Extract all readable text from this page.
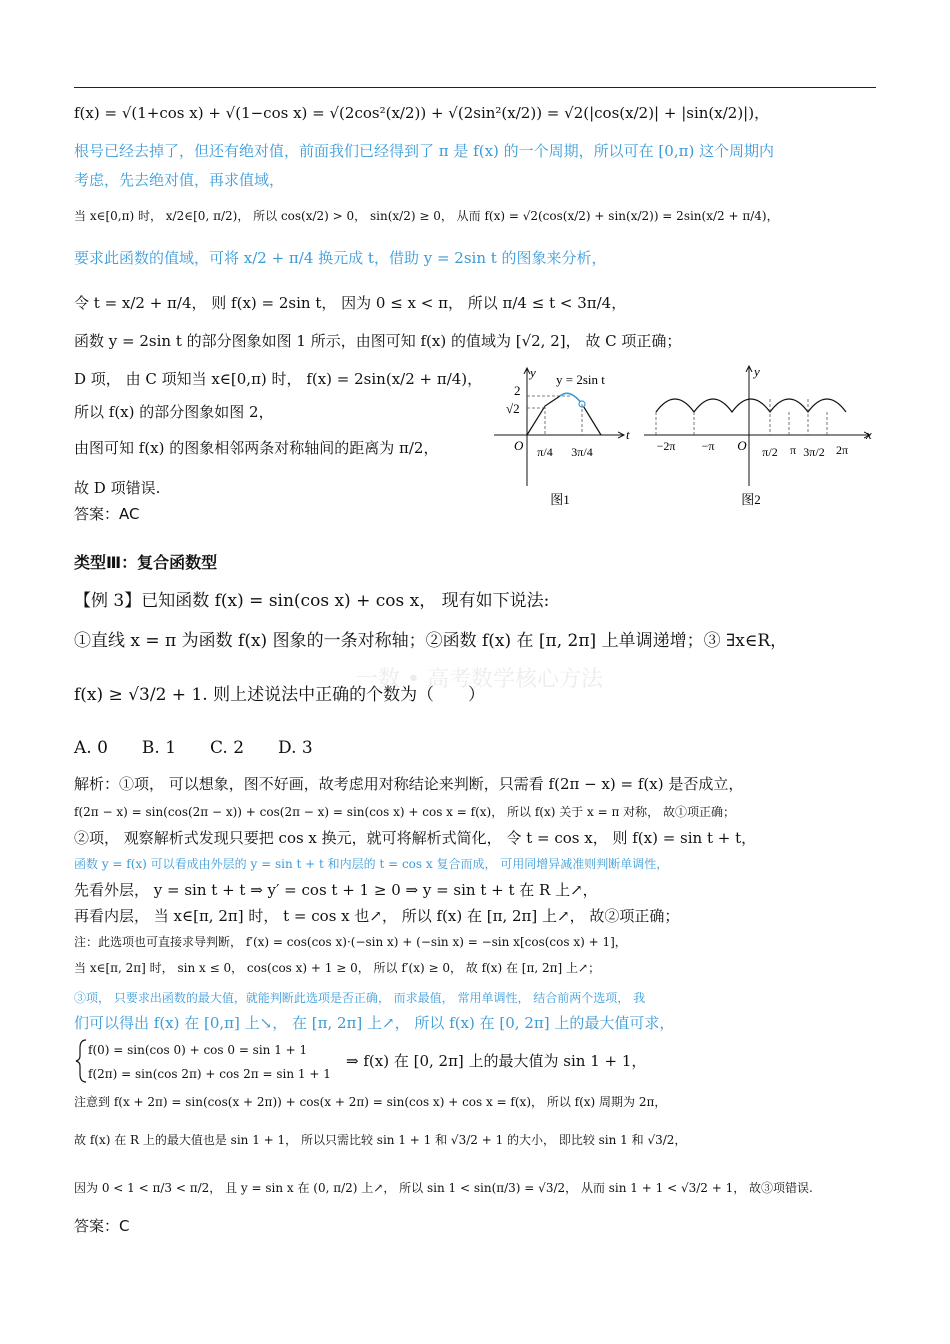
一数 • 高考数学核心方法
f(x) = √(1+cos x) + √(1−cos x) = √(2cos²(x/2)) + √(2sin²(x/2)) = √2(|cos(x/2)| + |sin(x/2)|)，
根号已经去掉了，但还有绝对值，前面我们已经得到了 π 是 f(x) 的一个周期，所以可在 [0,π) 这个周期内
考虑，先去绝对值，再求值域，
当 x∈[0,π) 时， x/2∈[0, π/2)， 所以 cos(x/2) > 0， sin(x/2) ≥ 0， 从而 f(x) = √2(cos(x/2) + sin(x/2)) = 2sin(x/2 + π/4)，
要求此函数的值域，可将 x/2 + π/4 换元成 t，借助 y = 2sin t 的图象来分析，
令 t = x/2 + π/4， 则 f(x) = 2sin t， 因为 0 ≤ x < π， 所以 π/4 ≤ t < 3π/4，
函数 y = 2sin t 的部分图象如图 1 所示，由图可知 f(x) 的值域为 [√2, 2]， 故 C 项正确；
D 项， 由 C 项知当 x∈[0,π) 时， f(x) = 2sin(x/2 + π/4)，
所以 f(x) 的部分图象如图 2，
由图可知 f(x) 的图象相邻两条对称轴间的距离为 π/2，
故 D 项错误.
答案：AC
类型Ⅲ：复合函数型
【例 3】已知函数 f(x) = sin(cos x) + cos x， 现有如下说法:
①直线 x = π 为函数 f(x) 图象的一条对称轴；②函数 f(x) 在 [π, 2π] 上单调递增；③ ∃x∈R，
f(x) ≥ √3/2 + 1. 则上述说法中正确的个数为（　　）
A. 0　　B. 1　　C. 2　　D. 3
解析：①项， 可以想象，图不好画，故考虑用对称结论来判断，只需看 f(2π − x) = f(x) 是否成立，
f(2π − x) = sin(cos(2π − x)) + cos(2π − x) = sin(cos x) + cos x = f(x)， 所以 f(x) 关于 x = π 对称， 故①项正确；
②项， 观察解析式发现只要把 cos x 换元，就可将解析式简化， 令 t = cos x， 则 f(x) = sin t + t，
函数 y = f(x) 可以看成由外层的 y = sin t + t 和内层的 t = cos x 复合而成， 可用同增异减准则判断单调性，
先看外层， y = sin t + t ⇒ y′ = cos t + 1 ≥ 0 ⇒ y = sin t + t 在 R 上↗，
再看内层， 当 x∈[π, 2π] 时， t = cos x 也↗， 所以 f(x) 在 [π, 2π] 上↗， 故②项正确；
注：此选项也可直接求导判断， f′(x) = cos(cos x)·(−sin x) + (−sin x) = −sin x[cos(cos x) + 1]，
当 x∈[π, 2π] 时， sin x ≤ 0， cos(cos x) + 1 ≥ 0， 所以 f′(x) ≥ 0， 故 f(x) 在 [π, 2π] 上↗；
③项， 只要求出函数的最大值，就能判断此选项是否正确， 而求最值， 常用单调性， 结合前两个选项， 我
们可以得出 f(x) 在 [0,π] 上↘， 在 [π, 2π] 上↗， 所以 f(x) 在 [0, 2π] 上的最大值可求，
f(0) = sin(cos 0) + cos 0 = sin 1 + 1
f(2π) = sin(cos 2π) + cos 2π = sin 1 + 1
⇒ f(x) 在 [0, 2π] 上的最大值为 sin 1 + 1，
注意到 f(x + 2π) = sin(cos(x + 2π)) + cos(x + 2π) = sin(cos x) + cos x = f(x)， 所以 f(x) 周期为 2π，
故 f(x) 在 R 上的最大值也是 sin 1 + 1， 所以只需比较 sin 1 + 1 和 √3/2 + 1 的大小， 即比较 sin 1 和 √3/2，
因为 0 < 1 < π/3 < π/2， 且 y = sin x 在 (0, π/2) 上↗， 所以 sin 1 < sin(π/3) = √3/2， 从而 sin 1 + 1 < √3/2 + 1， 故③项错误.
答案：C
y
t
y = 2sin t
2
√2
O π/4 3π/4
图1
y
x
O
−2π −π	π/2 π 3π/2 2π
图2
